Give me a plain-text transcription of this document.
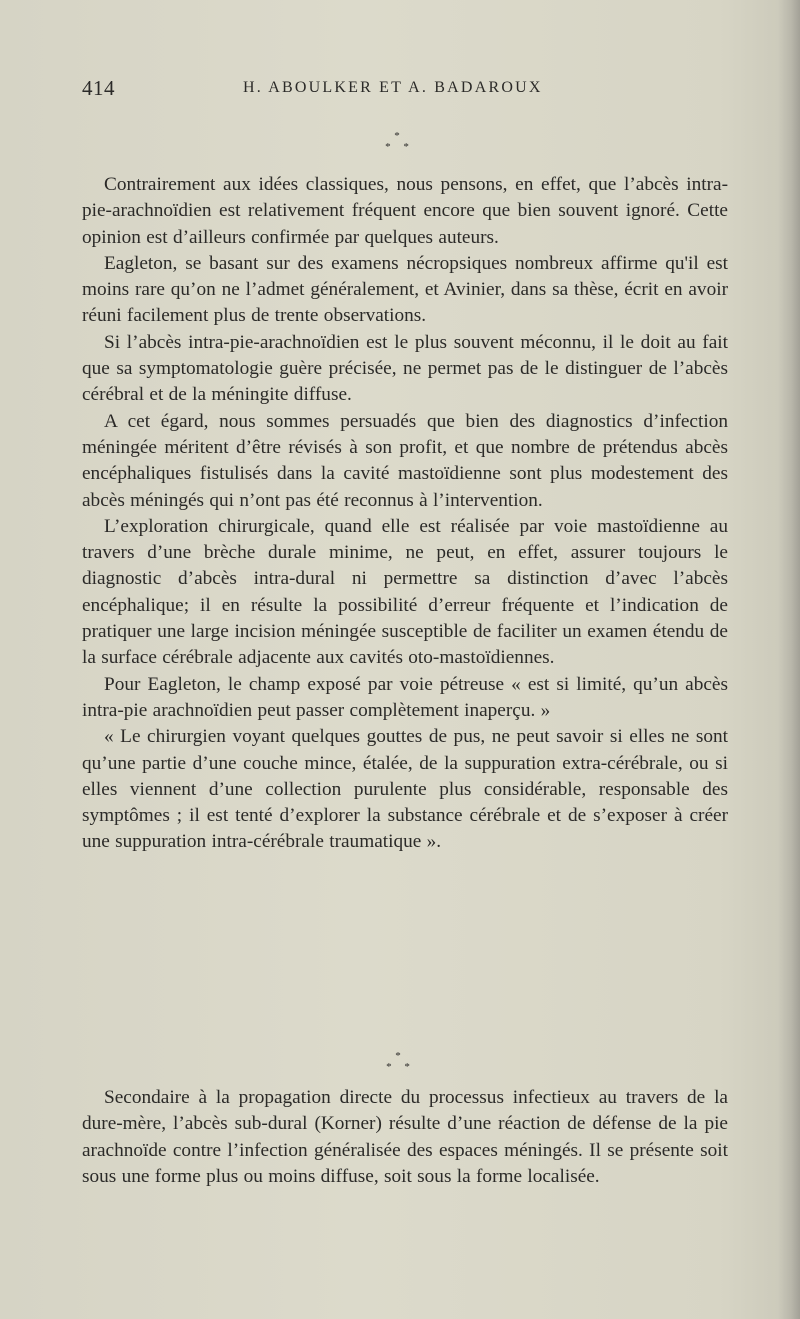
414	H. ABOULKER ET A. BADAROUX
*
* *

Contrairement aux idées classiques, nous pensons, en effet, que l’abcès intra-pie-arachnoïdien est relativement fréquent encore que bien souvent ignoré. Cette opinion est d’ailleurs confirmée par quelques auteurs.

Eagleton, se basant sur des examens nécropsiques nombreux affirme qu'il est moins rare qu’on ne l’admet généralement, et Avinier, dans sa thèse, écrit en avoir réuni facilement plus de trente observations.

Si l’abcès intra-pie-arachnoïdien est le plus souvent méconnu, il le doit au fait que sa symptomatologie guère précisée, ne permet pas de le distinguer de l’abcès cérébral et de la méningite diffuse.

A cet égard, nous sommes persuadés que bien des diagnostics d’infection méningée méritent d’être révisés à son profit, et que nombre de prétendus abcès encéphaliques fistulisés dans la cavité mastoïdienne sont plus modestement des abcès méningés qui n’ont pas été reconnus à l’intervention.

L’exploration chirurgicale, quand elle est réalisée par voie mastoïdienne au travers d’une brèche durale minime, ne peut, en effet, assurer toujours le diagnostic d’abcès intra-dural ni permettre sa distinction d’avec l’abcès encéphalique; il en résulte la possibilité d’erreur fréquente et l’indication de pratiquer une large incision méningée susceptible de faciliter un examen étendu de la surface cérébrale adjacente aux cavités oto-mastoïdiennes.

Pour Eagleton, le champ exposé par voie pétreuse « est si limité, qu’un abcès intra-pie arachnoïdien peut passer complètement inaperçu. »

« Le chirurgien voyant quelques gouttes de pus, ne peut savoir si elles ne sont qu’une partie d’une couche mince, étalée, de la suppuration extra-cérébrale, ou si elles viennent d’une collection purulente plus considérable, responsable des symptômes ; il est tenté d’explorer la substance cérébrale et de s’exposer à créer une suppuration intra-cérébrale traumatique ».

*
* *

Secondaire à la propagation directe du processus infectieux au travers de la dure-mère, l’abcès sub-dural (Korner) résulte d’une réaction de défense de la pie arachnoïde contre l’infection généralisée des espaces méningés. Il se présente soit sous une forme plus ou moins diffuse, soit sous la forme localisée.
